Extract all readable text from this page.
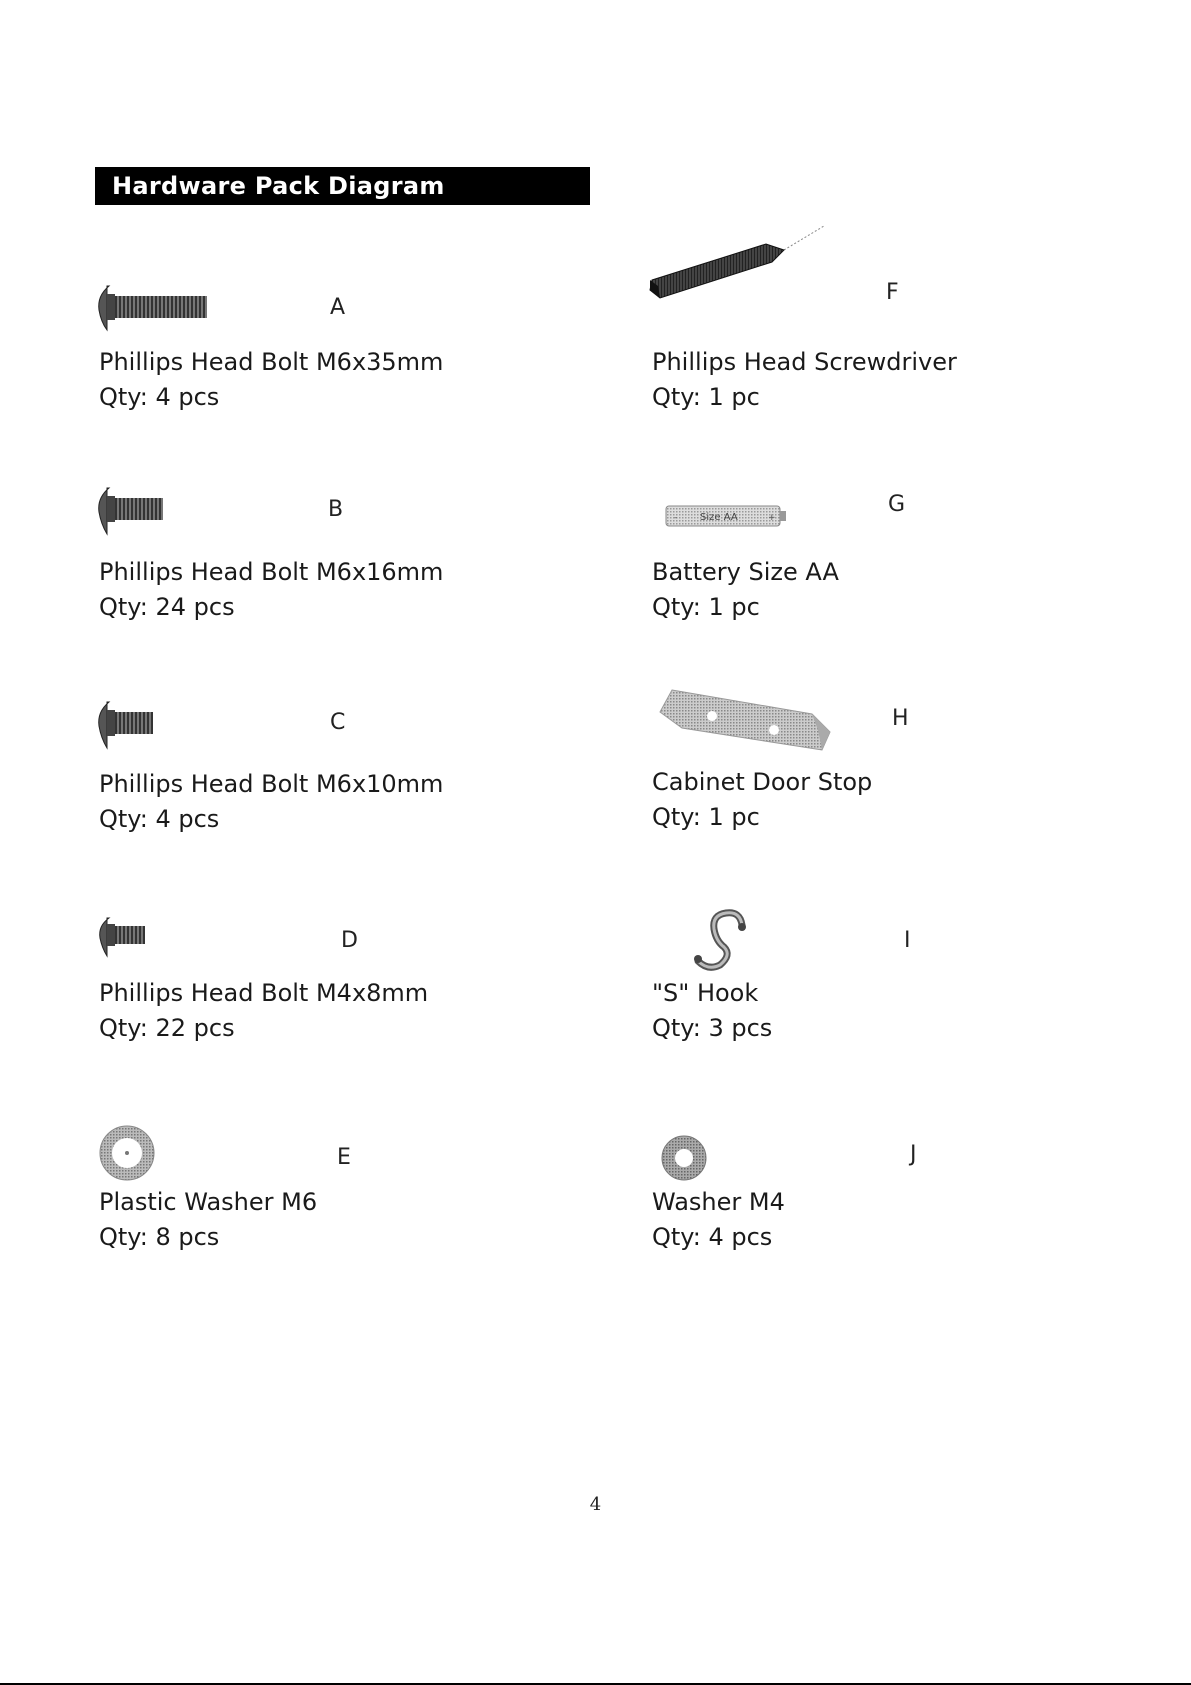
Hardware Pack Diagram
A
Phillips Head Bolt M6x35mm
Qty: 4 pcs
B
Phillips Head Bolt M6x16mm
Qty: 24 pcs
C
Phillips Head Bolt M6x10mm
Qty: 4 pcs
D
Phillips Head Bolt M4x8mm
Qty: 22 pcs
E
Plastic Washer M6
Qty: 8 pcs
F
Phillips Head Screwdriver
Qty: 1 pc
- Size AA	+
G
Battery Size AA
Qty: 1 pc
H
Cabinet Door Stop
Qty: 1 pc
I
"S" Hook
Qty: 3 pcs
J
Washer M4
Qty: 4 pcs
4
